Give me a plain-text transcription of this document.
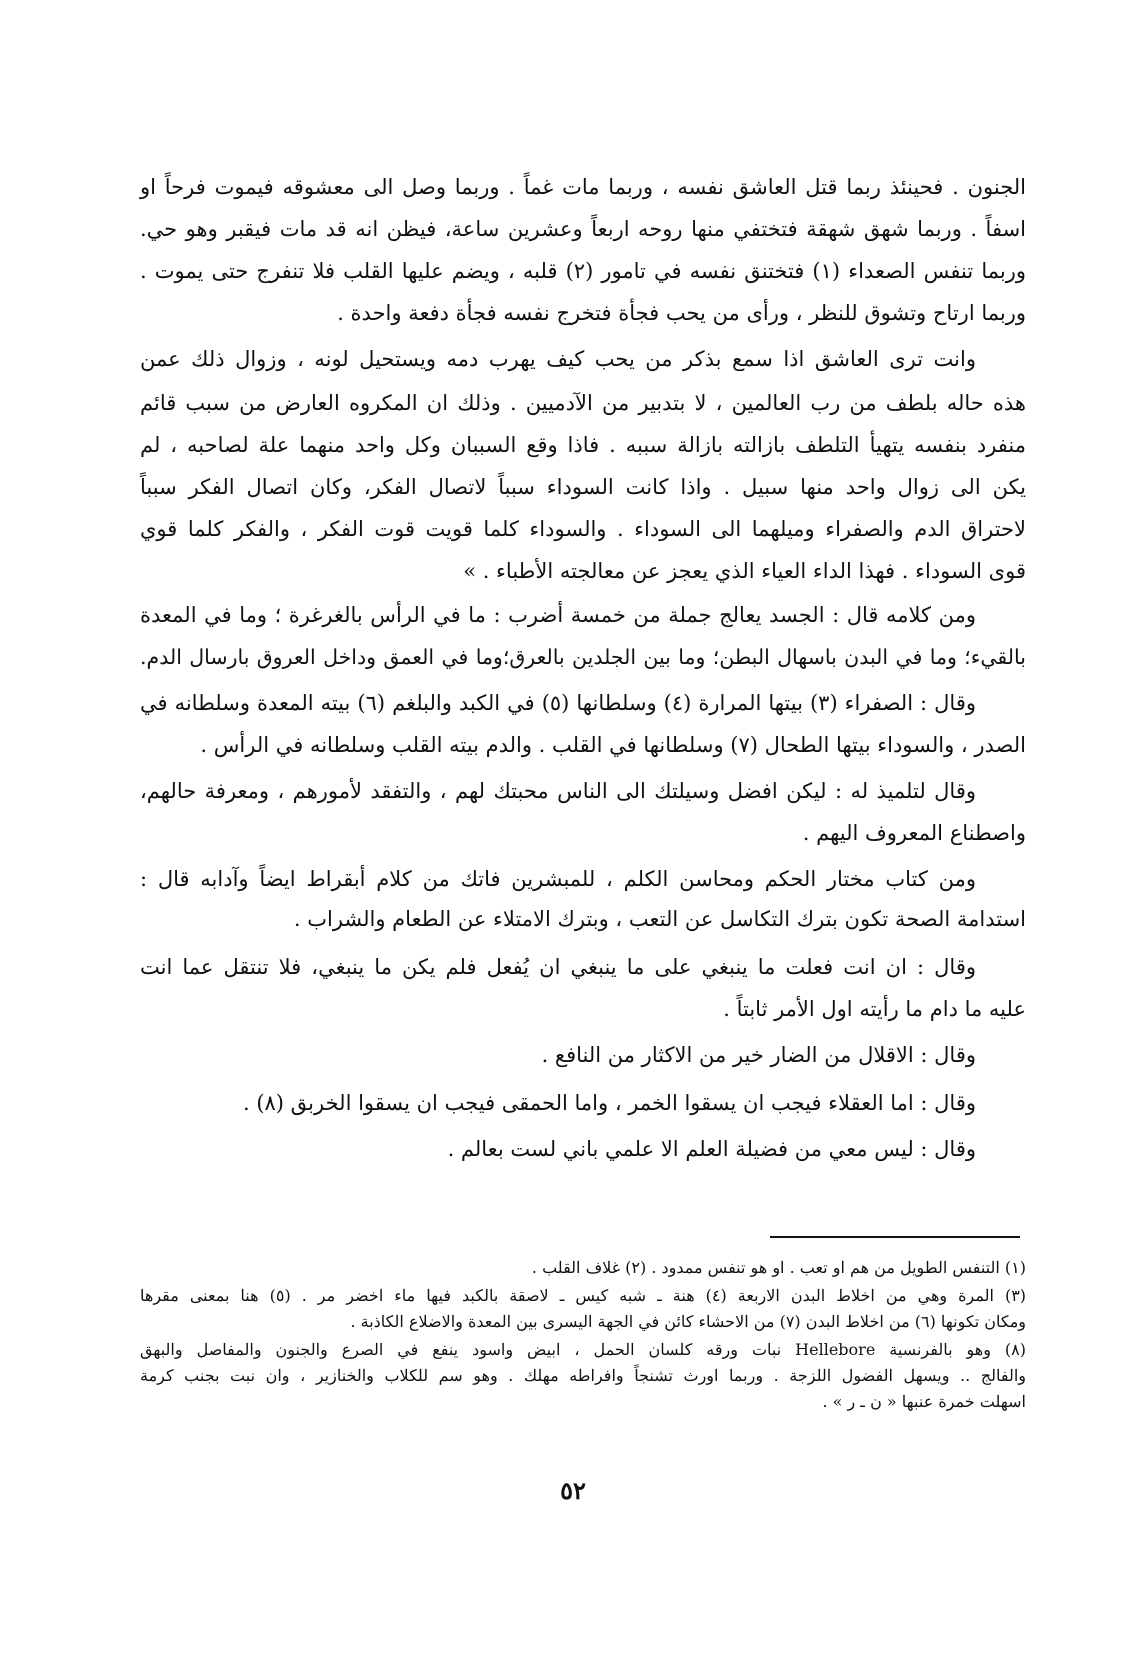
الجنون . فحينئذ ربما قتل العاشق نفسه ، وربما مات غماً . وربما وصل الى معشوقه فيموت فرحاً او
اسفاً . وربما شهق شهقة فتختفي منها روحه اربعاً وعشرين ساعة، فيظن انه قد مات فيقبر وهو حي.
وربما تنفس الصعداء (١) فتختنق نفسه في تامور (٢) قلبه ، ويضم عليها القلب فلا تنفرج حتى يموت .
وربما ارتاح وتشوق للنظر ، ورأى من يحب فجأة فتخرج نفسه فجأة دفعة واحدة .
وانت ترى العاشق اذا سمع بذكر من يحب كيف يهرب دمه ويستحيل لونه ، وزوال ذلك عمن
هذه حاله بلطف من رب العالمين ، لا بتدبير من الآدميين . وذلك ان المكروه العارض من سبب قائم
منفرد بنفسه يتهيأ التلطف بازالته بازالة سببه . فاذا وقع السببان وكل واحد منهما علة لصاحبه ، لم
يكن الى زوال واحد منها سبيل . واذا كانت السوداء سبباً لاتصال الفكر، وكان اتصال الفكر سبباً
لاحتراق الدم والصفراء وميلهما الى السوداء . والسوداء كلما قويت قوت الفكر ، والفكر كلما قوي
قوى السوداء . فهذا الداء العياء الذي يعجز عن معالجته الأطباء . »
ومن كلامه قال : الجسد يعالج جملة من خمسة أضرب : ما في الرأس بالغرغرة ؛ وما في المعدة
بالقيء؛ وما في البدن باسهال البطن؛ وما بين الجلدين بالعرق؛وما في العمق وداخل العروق بارسال الدم.
وقال : الصفراء (٣) بيتها المرارة (٤) وسلطانها (٥) في الكبد والبلغم (٦) بيته المعدة وسلطانه في
الصدر ، والسوداء بيتها الطحال (٧) وسلطانها في القلب . والدم بيته القلب وسلطانه في الرأس .
وقال لتلميذ له : ليكن افضل وسيلتك الى الناس محبتك لهم ، والتفقد لأمورهم ، ومعرفة حالهم،
واصطناع المعروف اليهم .
ومن كتاب مختار الحكم ومحاسن الكلم ، للمبشرين فاتك من كلام أبقراط ايضاً وآدابه قال :
استدامة الصحة تكون بترك التكاسل عن التعب ، وبترك الامتلاء عن الطعام والشراب .
وقال : ان انت فعلت ما ينبغي على ما ينبغي ان يُفعل فلم يكن ما ينبغي، فلا تنتقل عما انت
عليه ما دام ما رأيته اول الأمر ثابتاً .
وقال : الاقلال من الضار خير من الاكثار من النافع .
وقال : اما العقلاء فيجب ان يسقوا الخمر ، واما الحمقى فيجب ان يسقوا الخربق (٨) .
وقال : ليس معي من فضيلة العلم الا علمي باني لست بعالم .
(١) التنفس الطويل من هم او تعب . او هو تنفس ممدود . (٢) غلاف القلب .
(٣) المرة وهي من اخلاط البدن الاربعة (٤) هنة ـ شبه كيس ـ لاصقة بالكبد فيها ماء اخضر مر . (٥) هنا بمعنى مقرها
ومكان تكونها (٦) من اخلاط البدن (٧) من الاحشاء كائن في الجهة اليسرى بين المعدة والاضلاع الكاذبة .
(٨) وهو بالفرنسية Hellebore نبات ورقه كلسان الحمل ، ابيض واسود ينفع في الصرع والجنون والمفاصل والبهق
والفالج .. ويسهل الفضول اللزجة . وربما اورث تشنجاً وافراطه مهلك . وهو سم للكلاب والخنازير ، وان نبت بجنب كرمة
اسهلت خمرة عنبها « ن ـ ر » .
٥٢
